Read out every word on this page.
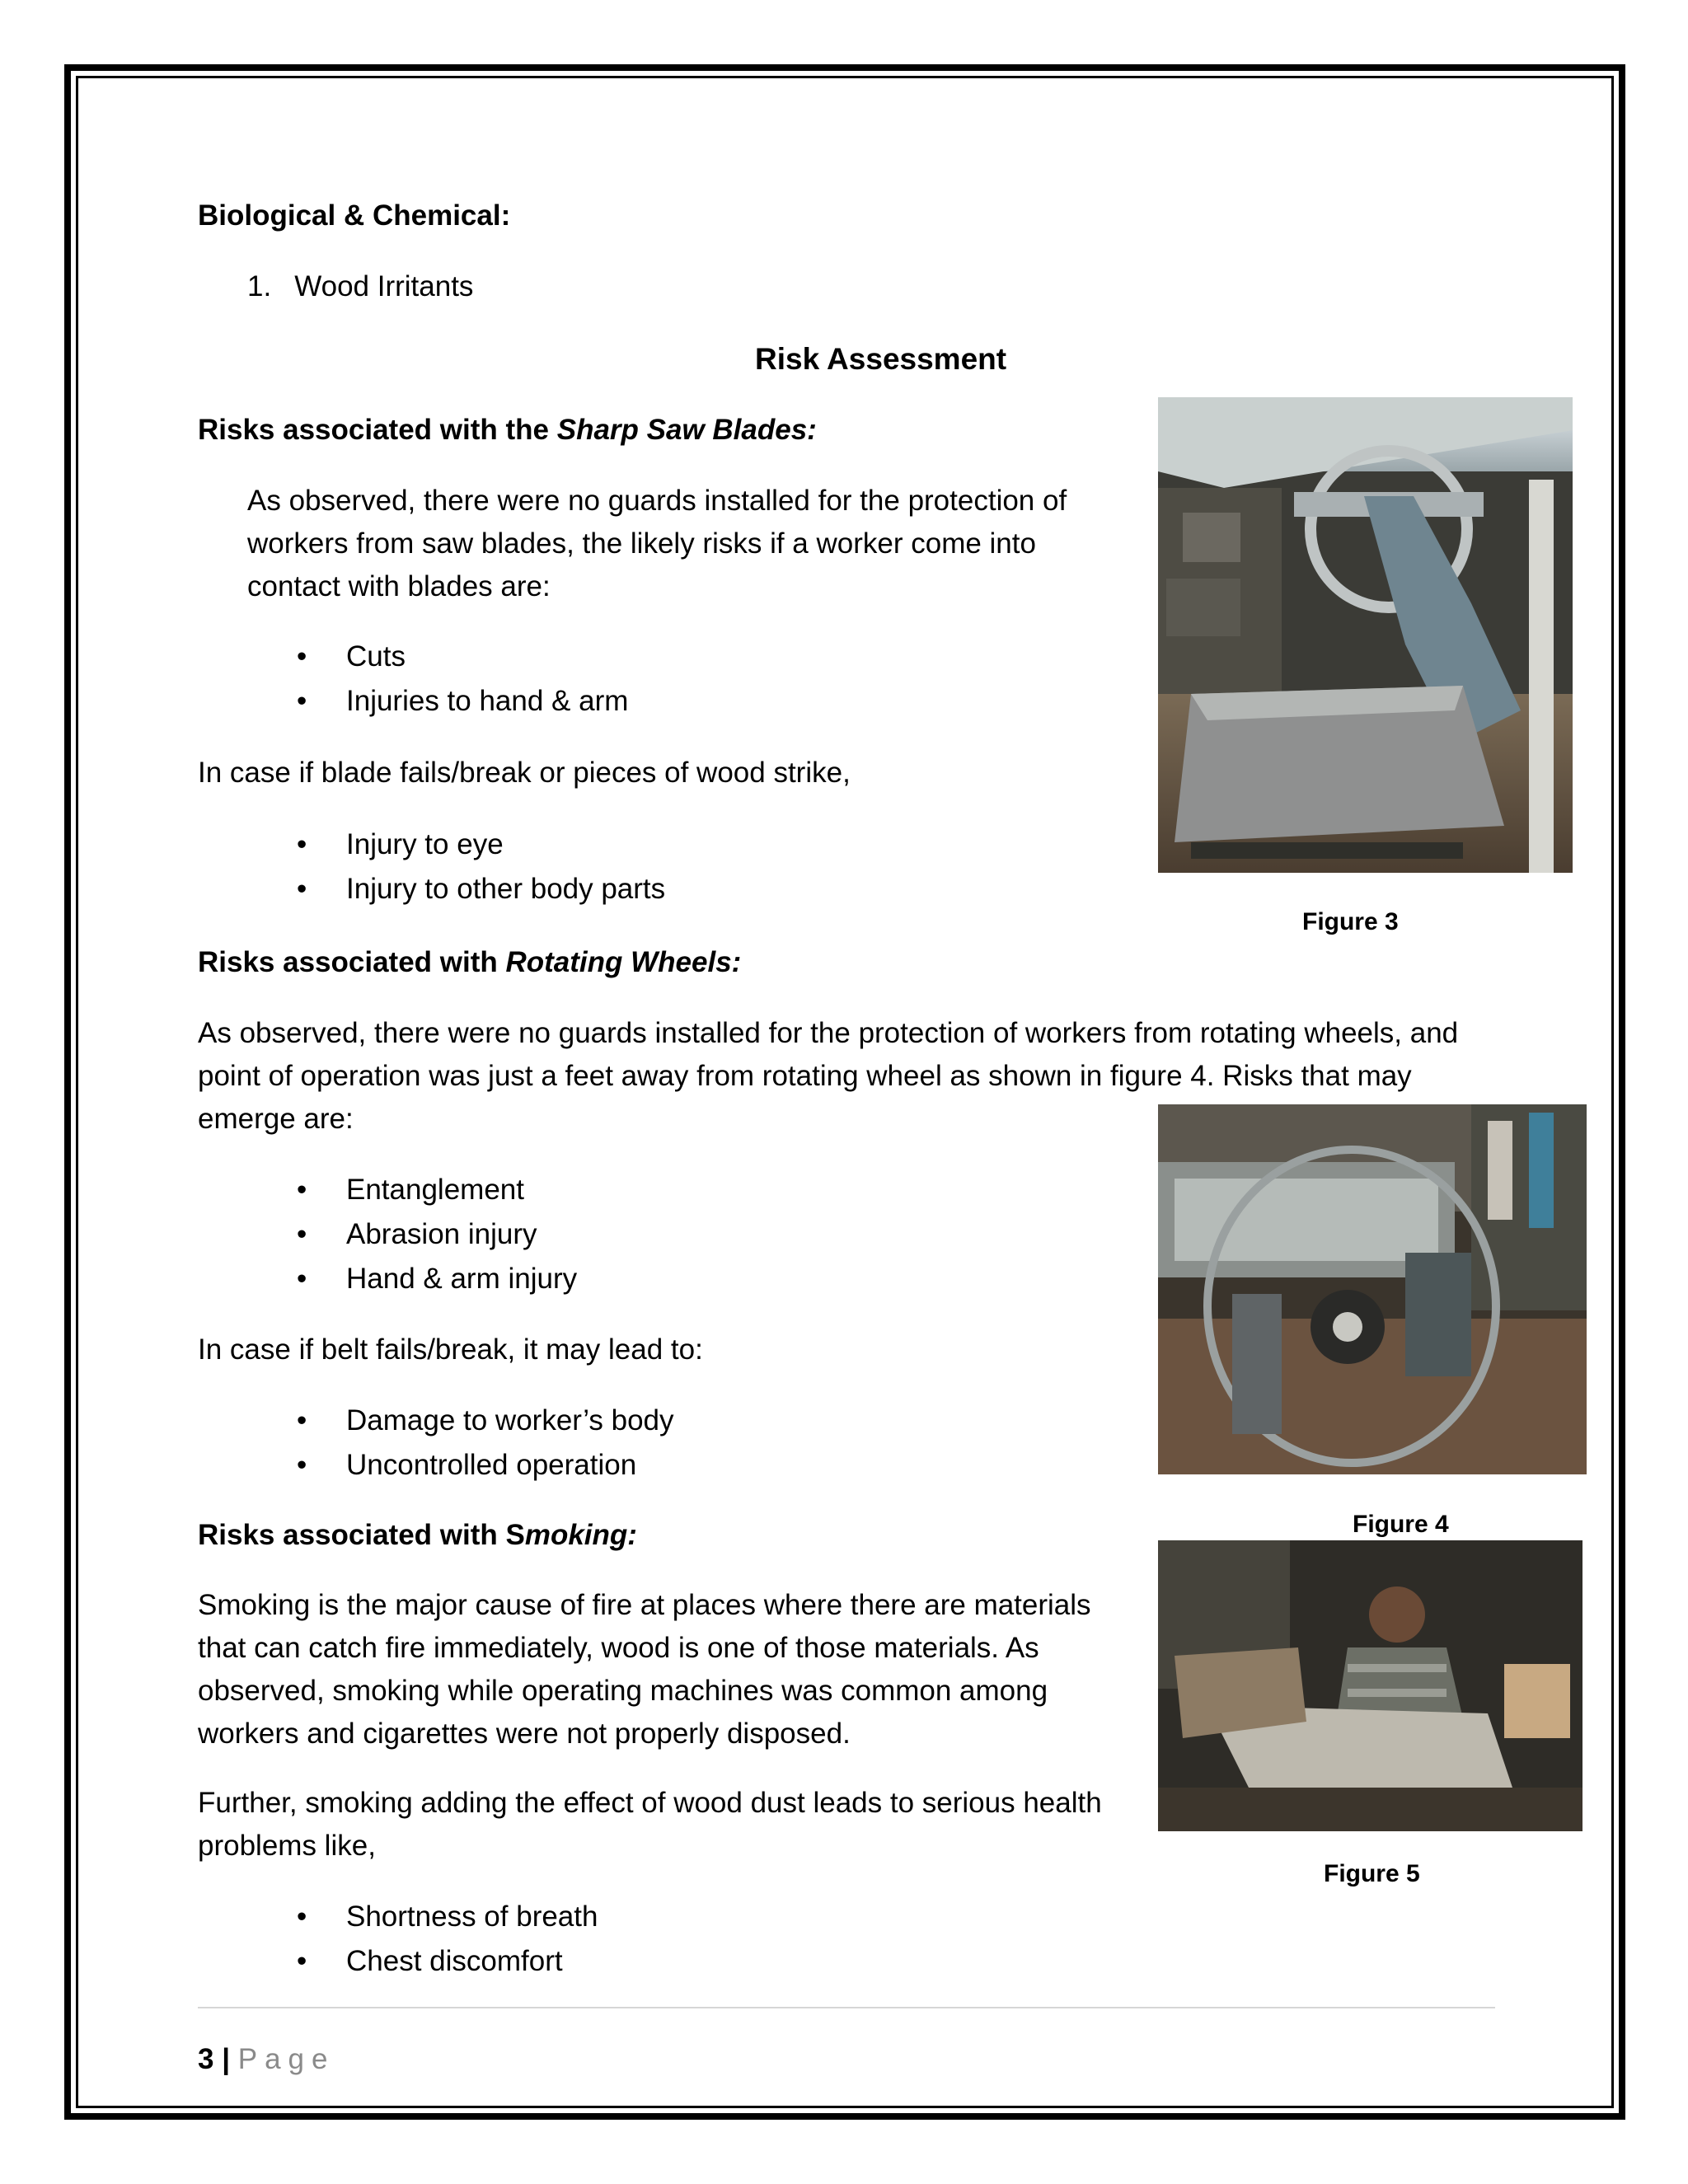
Biological & Chemical:

1. Wood Irritants

Risk Assessment

Risks associated with the Sharp Saw Blades:

As observed, there were no guards installed for the protection of workers from saw blades, the likely risks if a worker come into contact with blades are:

•	Cuts
•	Injuries to hand & arm

In case if blade fails/break or pieces of wood strike,

•	Injury to eye
•	Injury to other body parts

Figure 3

Risks associated with Rotating Wheels:

As observed, there were no guards installed for the protection of workers from rotating wheels, and point of operation was just a feet away from rotating wheel as shown in figure 4. Risks that may emerge are:

•	Entanglement
•	Abrasion injury
•	Hand & arm injury

In case if belt fails/break, it may lead to:

•	Damage to worker’s body
•	Uncontrolled operation

Figure 4

Risks associated with Smoking:

Smoking is the major cause of fire at places where there are materials that can catch fire immediately, wood is one of those materials. As observed, smoking while operating machines was common among workers and cigarettes were not properly disposed.

Further, smoking adding the effect of wood dust leads to serious health problems like,

•	Shortness of breath
•	Chest discomfort

Figure 5

3 | Page
